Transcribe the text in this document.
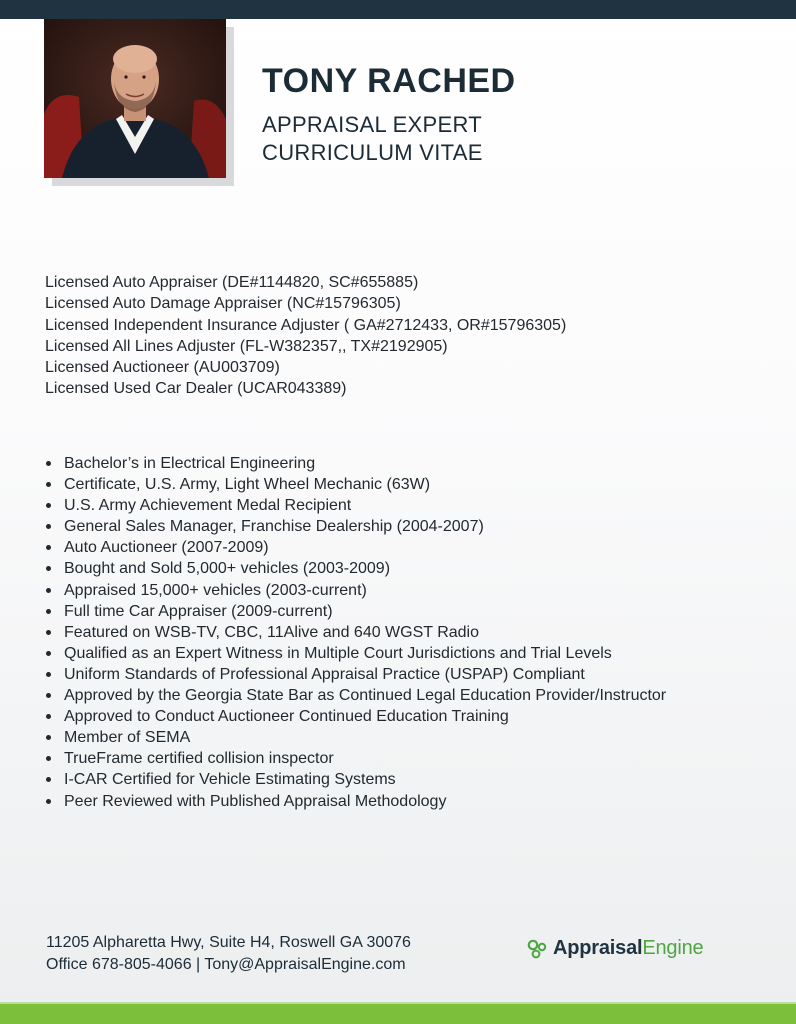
TONY RACHED

APPRAISAL EXPERT

CURRICULUM VITAE

Licensed Auto Appraiser (DE#1144820, SC#655885)
Licensed Auto Damage Appraiser (NC#15796305)
Licensed Independent Insurance Adjuster ( GA#2712433, OR#15796305)
Licensed All Lines Adjuster (FL-W382357,, TX#2192905)
Licensed Auctioneer (AU003709)
Licensed Used Car Dealer (UCAR043389)
Bachelor’s in Electrical Engineering
Certificate, U.S. Army, Light Wheel Mechanic (63W)
U.S. Army Achievement Medal Recipient
General Sales Manager, Franchise Dealership (2004-2007)
Auto Auctioneer (2007-2009)
Bought and Sold 5,000+ vehicles (2003-2009)
Appraised 15,000+ vehicles (2003-current)
Full time Car Appraiser (2009-current)
Featured on WSB-TV, CBC, 11Alive and 640 WGST Radio
Qualified as an Expert Witness in Multiple Court Jurisdictions and Trial Levels
Uniform Standards of Professional Appraisal Practice (USPAP) Compliant
Approved by the Georgia State Bar as Continued Legal Education Provider/Instructor
Approved to Conduct Auctioneer Continued Education Training
Member of SEMA
TrueFrame certified collision inspector
I-CAR Certified for Vehicle Estimating Systems
Peer Reviewed with Published Appraisal Methodology
11205 Alpharetta Hwy, Suite H4, Roswell GA 30076
Office 678-805-4066 | Tony@AppraisalEngine.com
AppraisalEngine
